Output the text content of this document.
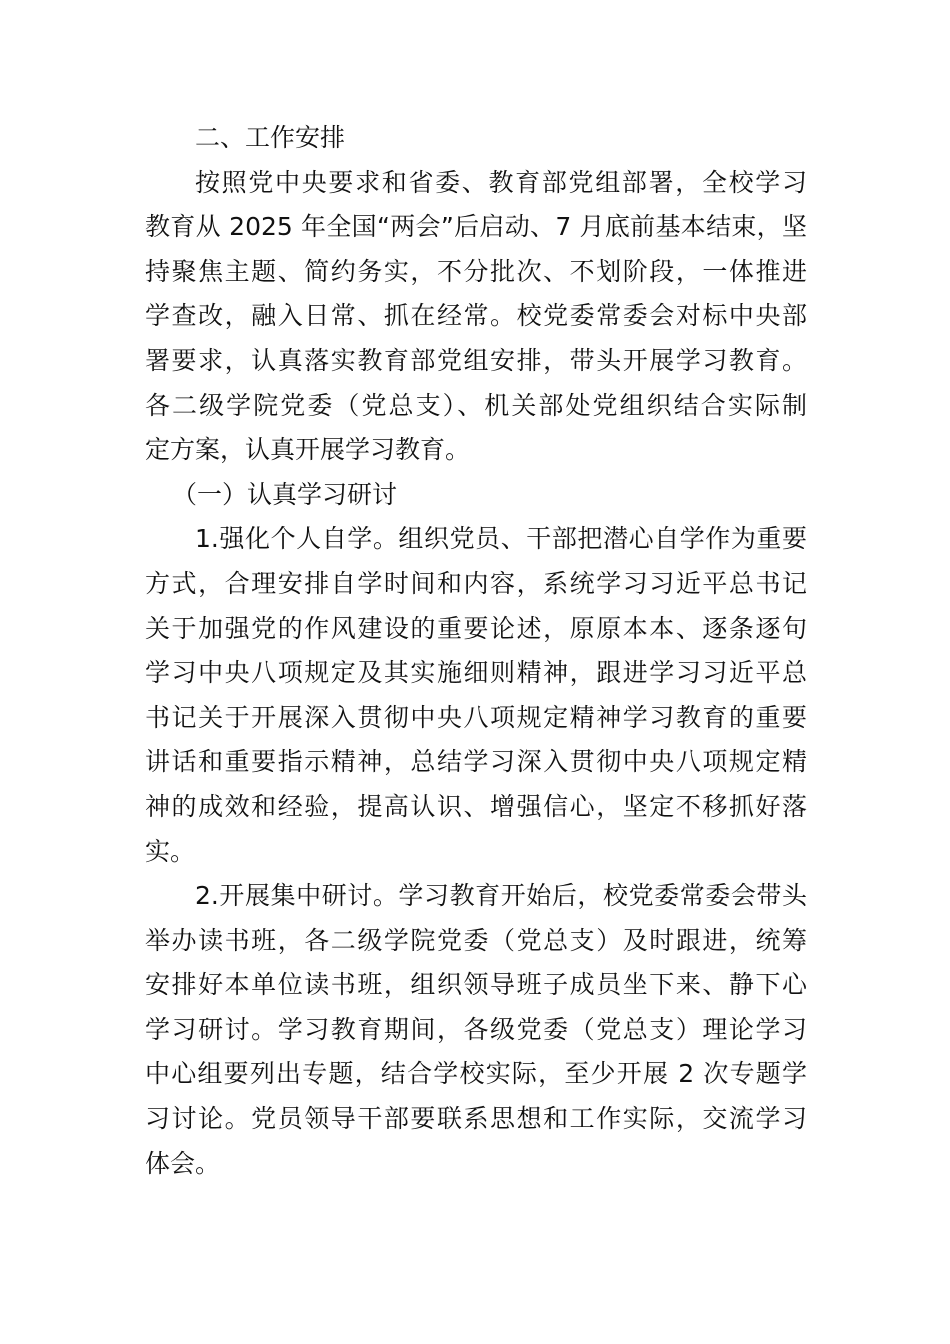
二、工作安排
按照党中央要求和省委、教育部党组部署，全校学习
教育从 2025 年全国“两会”后启动、7 月底前基本结束，坚
持聚焦主题、简约务实，不分批次、不划阶段，一体推进
学查改，融入日常、抓在经常。校党委常委会对标中央部
署要求，认真落实教育部党组安排，带头开展学习教育。
各二级学院党委（党总支）、机关部处党组织结合实际制
定方案，认真开展学习教育。
（一）认真学习研讨
1.强化个人自学。组织党员、干部把潜心自学作为重要
方式，合理安排自学时间和内容，系统学习习近平总书记
关于加强党的作风建设的重要论述，原原本本、逐条逐句
学习中央八项规定及其实施细则精神，跟进学习习近平总
书记关于开展深入贯彻中央八项规定精神学习教育的重要
讲话和重要指示精神，总结学习深入贯彻中央八项规定精
神的成效和经验，提高认识、增强信心，坚定不移抓好落
实。
2.开展集中研讨。学习教育开始后，校党委常委会带头
举办读书班，各二级学院党委（党总支）及时跟进，统筹
安排好本单位读书班，组织领导班子成员坐下来、静下心
学习研讨。学习教育期间，各级党委（党总支）理论学习
中心组要列出专题，结合学校实际，至少开展 2 次专题学
习讨论。党员领导干部要联系思想和工作实际，交流学习
体会。
